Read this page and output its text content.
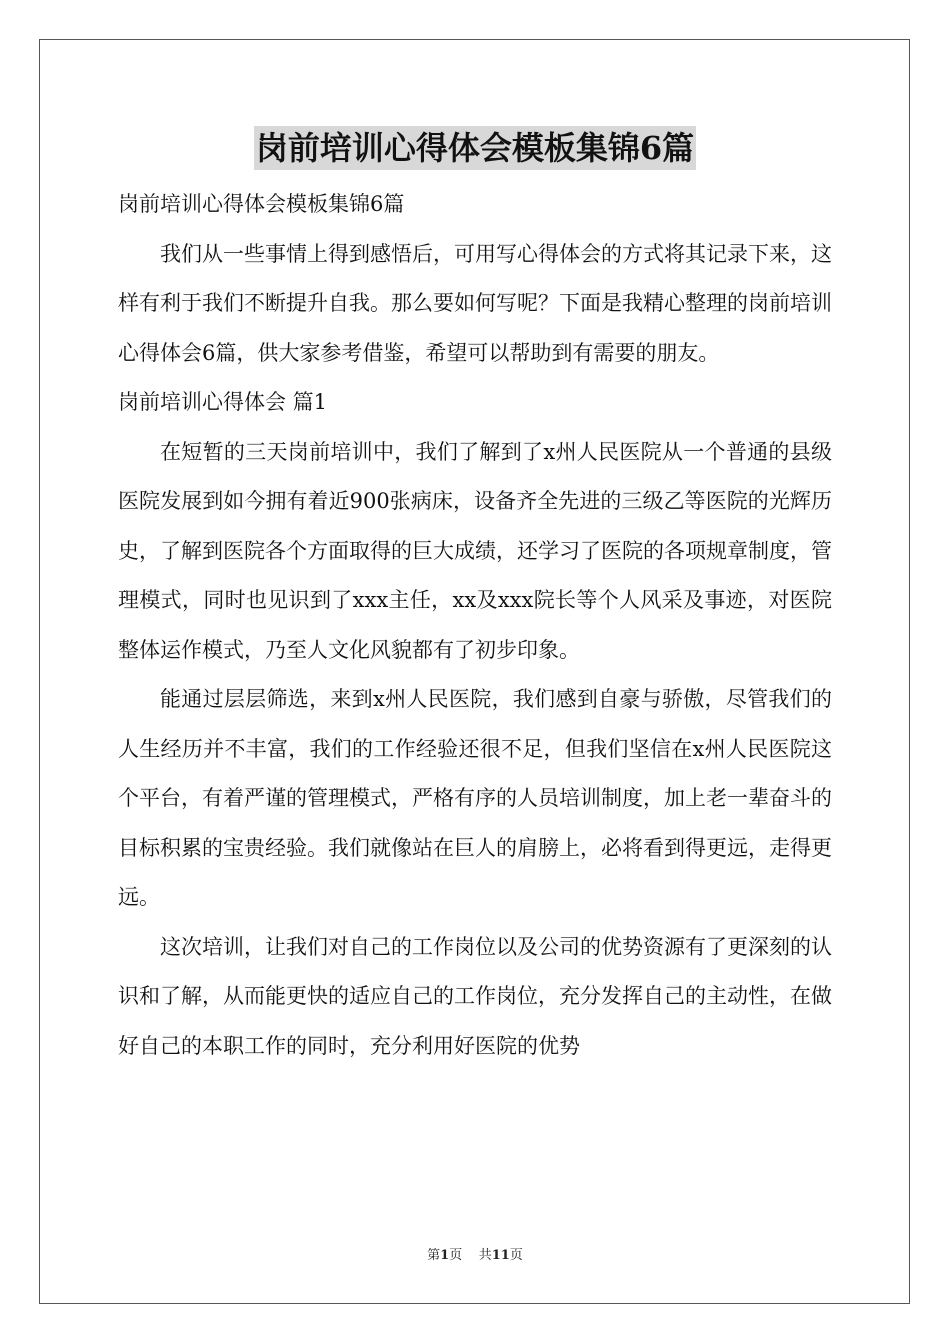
岗前培训心得体会模板集锦6篇

岗前培训心得体会模板集锦6篇

我们从一些事情上得到感悟后，可用写心得体会的方式将其记录下来，这样有利于我们不断提升自我。那么要如何写呢？下面是我精心整理的岗前培训心得体会6篇，供大家参考借鉴，希望可以帮助到有需要的朋友。

岗前培训心得体会 篇1

在短暂的三天岗前培训中，我们了解到了x州人民医院从一个普通的县级医院发展到如今拥有着近900张病床，设备齐全先进的三级乙等医院的光辉历史，了解到医院各个方面取得的巨大成绩，还学习了医院的各项规章制度，管理模式，同时也见识到了xxx主任，xx及xxx院长等个人风采及事迹，对医院整体运作模式，乃至人文化风貌都有了初步印象。

能通过层层筛选，来到x州人民医院，我们感到自豪与骄傲，尽管我们的人生经历并不丰富，我们的工作经验还很不足，但我们坚信在x州人民医院这个平台，有着严谨的管理模式，严格有序的人员培训制度，加上老一辈奋斗的目标积累的宝贵经验。我们就像站在巨人的肩膀上，必将看到得更远，走得更远。

这次培训，让我们对自己的工作岗位以及公司的优势资源有了更深刻的认识和了解，从而能更快的适应自己的工作岗位，充分发挥自己的主动性，在做好自己的本职工作的同时，充分利用好医院的优势

第1页    共11页
